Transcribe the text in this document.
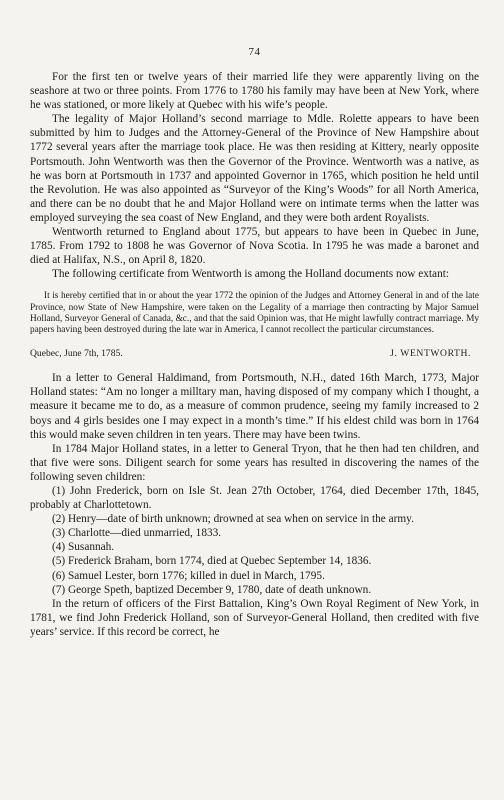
74

For the first ten or twelve years of their married life they were apparently living on the seashore at two or three points. From 1776 to 1780 his family may have been at New York, where he was stationed, or more likely at Quebec with his wife’s people.

The legality of Major Holland’s second marriage to Mdle. Rolette appears to have been submitted by him to Judges and the Attorney-General of the Province of New Hampshire about 1772 several years after the marriage took place. He was then residing at Kittery, nearly opposite Portsmouth. John Wentworth was then the Governor of the Province. Wentworth was a native, as he was born at Portsmouth in 1737 and appointed Governor in 1765, which position he held until the Revolution. He was also appointed as “Surveyor of the King’s Woods” for all North America, and there can be no doubt that he and Major Holland were on intimate terms when the latter was employed surveying the sea coast of New England, and they were both ardent Royalists.

Wentworth returned to England about 1775, but appears to have been in Quebec in June, 1785. From 1792 to 1808 he was Governor of Nova Scotia. In 1795 he was made a baronet and died at Halifax, N.S., on April 8, 1820.

The following certificate from Wentworth is among the Holland documents now extant:

It is hereby certified that in or about the year 1772 the opinion of the Judges and Attorney General in and of the late Province, now State of New Hampshire, were taken on the Legality of a marriage then contracting by Major Samuel Holland, Surveyor General of Canada, &c., and that the said Opinion was, that He might lawfully contract marriage. My papers having been destroyed during the late war in America, I cannot recollect the particular circumstances.

Quebec, June 7th, 1785.	J. WENTWORTH.

In a letter to General Haldimand, from Portsmouth, N.H., dated 16th March, 1773, Major Holland states: “Am no longer a milltary man, having disposed of my company which I thought, a measure it became me to do, as a measure of common prudence, seeing my family increased to 2 boys and 4 girls besides one I may expect in a month’s time.” If his eldest child was born in 1764 this would make seven children in ten years. There may have been twins.

In 1784 Major Holland states, in a letter to General Tryon, that he then had ten children, and that five were sons. Diligent search for some years has resulted in discovering the names of the following seven children:

(1) John Frederick, born on Isle St. Jean 27th October, 1764, died December 17th, 1845, probably at Charlottetown.

(2) Henry—date of birth unknown; drowned at sea when on service in the army.

(3) Charlotte—died unmarried, 1833.

(4) Susannah.

(5) Frederick Braham, born 1774, died at Quebec September 14, 1836.

(6) Samuel Lester, born 1776; killed in duel in March, 1795.

(7) George Speth, baptized December 9, 1780, date of death unknown.

In the return of officers of the First Battalion, King’s Own Royal Regiment of New York, in 1781, we find John Frederick Holland, son of Surveyor-General Holland, then credited with five years’ service. If this record be correct, he
